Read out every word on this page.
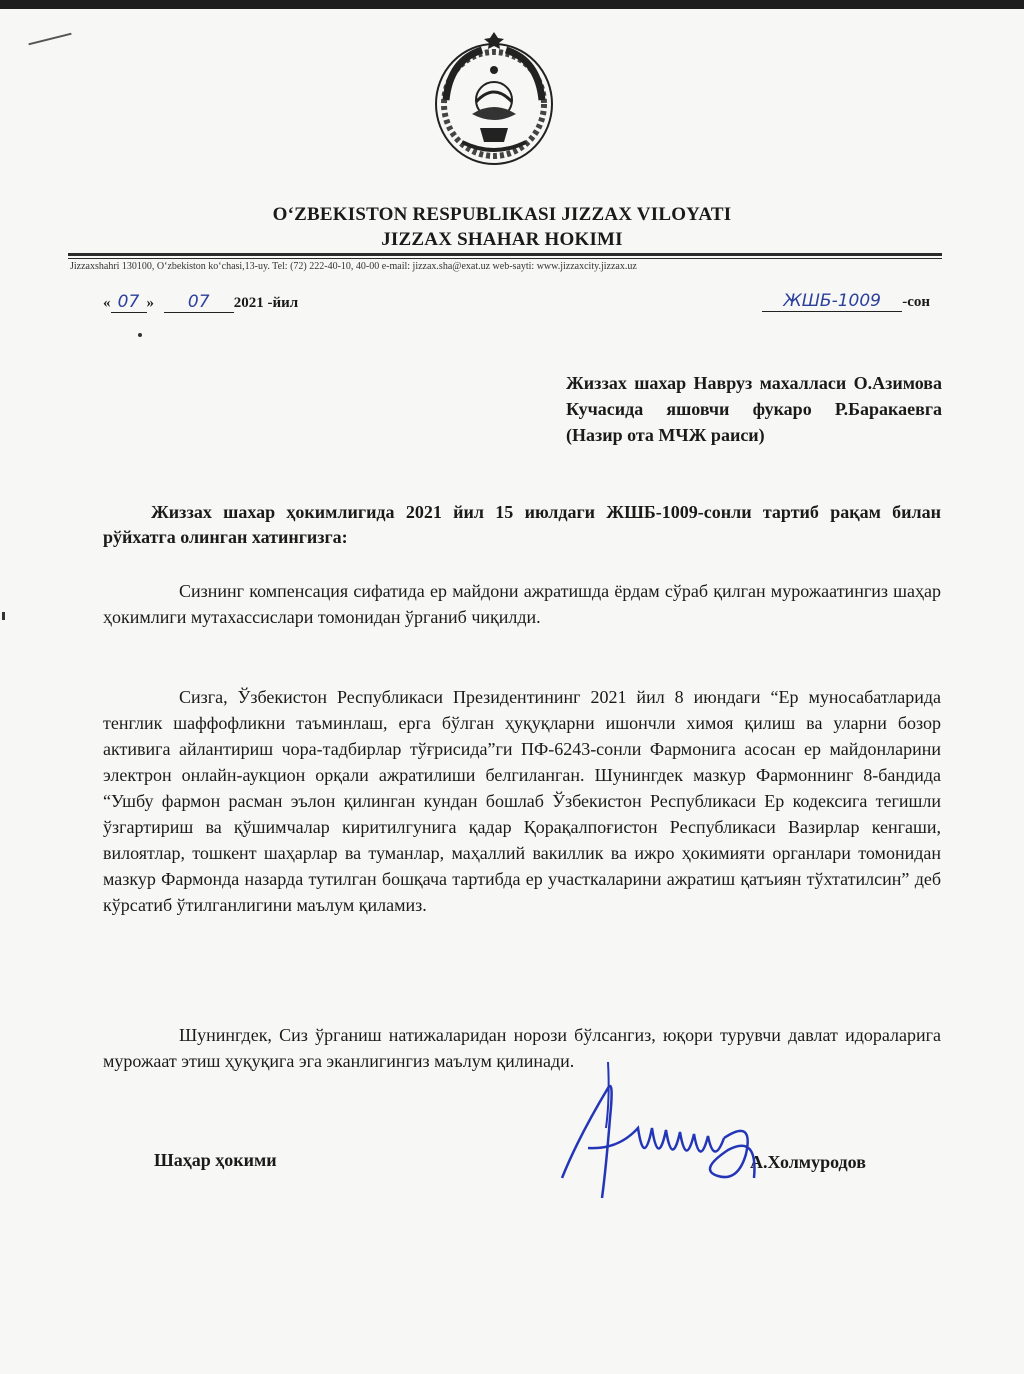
O‘ZBEKISTON RESPUBLIKASI JIZZAX VILOYATI
JIZZAX SHAHAR HOKIMI
Jizzaxshahri 130100, O‘zbekiston ko‘chasi,13-uy. Tel: (72) 222-40-10, 40-00 e-mail: jizzax.sha@exat.uz web-sayti: www.jizzaxcity.jizzax.uz
« 07 » 07 2021 -йил	ЖШБ-1009 -сон
Жиззах шахар Навруз махалласи О.Азимова Кучасида яшовчи фукаро Р.Баракаевга (Назир ота МЧЖ раиси)
Жиззах шахар ҳокимлигида 2021 йил 15 июлдаги ЖШБ-1009-сонли тартиб рақам билан рўйхатга олинган хатингизга:
Сизнинг компенсация сифатида ер майдони ажратишда ёрдам сўраб қилган мурожаатингиз шаҳар ҳокимлиги мутахассислари томонидан ўрганиб чиқилди.
Сизга, Ўзбекистон Республикаси Президентининг 2021 йил 8 июндаги “Ер муносабатларида тенглик шаффофликни таъминлаш, ерга бўлган ҳуқуқларни ишончли химоя қилиш ва уларни бозор активига айлантириш чора-тадбирлар тўғрисида”ги ПФ-6243-сонли Фармонига асосан ер майдонларини электрон онлайн-аукцион орқали ажратилиши белгиланган. Шунингдек мазкур Фармоннинг 8-бандида “Ушбу фармон расман эълон қилинган кундан бошлаб Ўзбекистон Республикаси Ер кодексига тегишли ўзгартириш ва қўшимчалар киритилгунига қадар Қорақалпоғистон Республикаси Вазирлар кенгаши, вилоятлар, тошкент шаҳарлар ва туманлар, маҳаллий вакиллик ва ижро ҳокимияти органлари томонидан мазкур Фармонда назарда тутилган бошқача тартибда ер участкаларини ажратиш қатъиян тўхтатилсин” деб кўрсатиб ўтилганлигини маълум қиламиз.
Шунингдек, Сиз ўрганиш натижаларидан норози бўлсангиз, юқори турувчи давлат идораларига мурожаат этиш ҳуқуқига эга эканлигингиз маълум қилинади.
Шаҳар ҳокими	А.Холмуродов
